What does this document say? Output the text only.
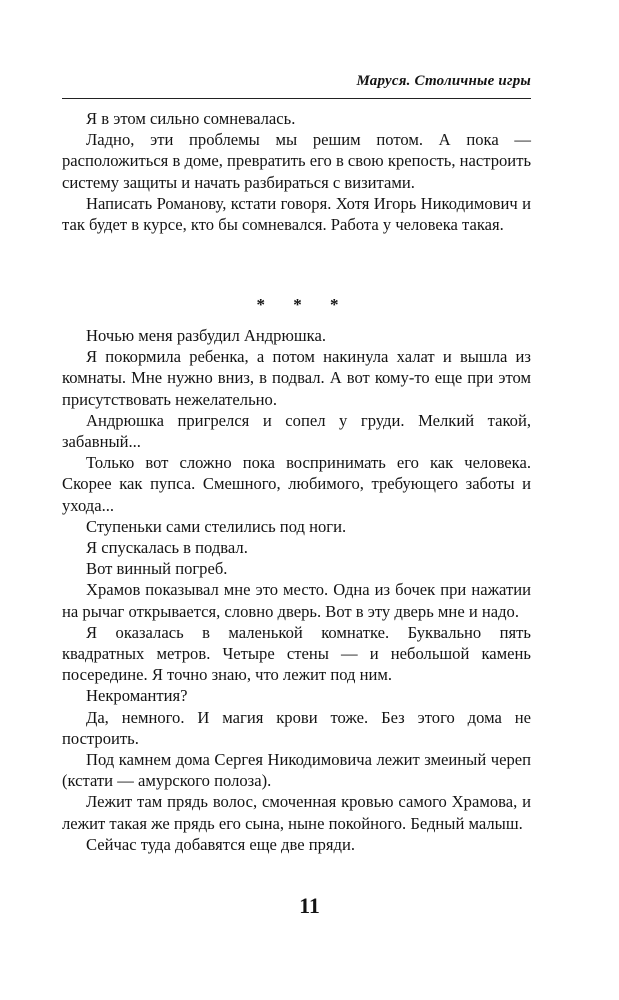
Маруся. Столичные игры

Я в этом сильно сомневалась.

Ладно, эти проблемы мы решим потом. А пока — расположиться в доме, превратить его в свою крепость, настроить систему защиты и начать разбираться с визитами.

Написать Романову, кстати говоря. Хотя Игорь Никодимович и так будет в курсе, кто бы сомневался. Работа у человека такая.

* * *

Ночью меня разбудил Андрюшка.

Я покормила ребенка, а потом накинула халат и вышла из комнаты. Мне нужно вниз, в подвал. А вот кому-то еще при этом присутствовать нежелательно.

Андрюшка пригрелся и сопел у груди. Мелкий такой, забавный...

Только вот сложно пока воспринимать его как человека. Скорее как пупса. Смешного, любимого, требующего заботы и ухода...

Ступеньки сами стелились под ноги.

Я спускалась в подвал.

Вот винный погреб.

Храмов показывал мне это место. Одна из бочек при нажатии на рычаг открывается, словно дверь. Вот в эту дверь мне и надо.

Я оказалась в маленькой комнатке. Буквально пять квадратных метров. Четыре стены — и небольшой камень посередине. Я точно знаю, что лежит под ним.

Некромантия?

Да, немного. И магия крови тоже. Без этого дома не построить.

Под камнем дома Сергея Никодимовича лежит змеиный череп (кстати — амурского полоза).

Лежит там прядь волос, смоченная кровью самого Храмова, и лежит такая же прядь его сына, ныне покойного. Бедный малыш.

Сейчас туда добавятся еще две пряди.

11
